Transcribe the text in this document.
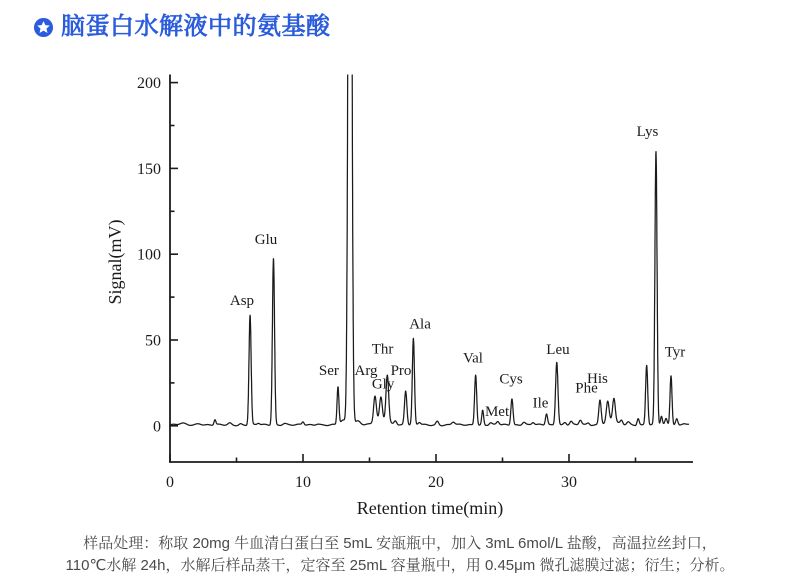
脑蛋白水解液中的氨基酸
0
50
100
150
200
0	10	20	30
Signal(mV)
Retention time(min)
Asp
Glu
Ser Arg
Thr
Gly
Pro
Ala
Val
Met
Cys
Ile
Leu
Phe
His
Lys
Tyr
样品处理：称取 20mg 牛血清白蛋白至 5mL 安瓿瓶中，加入 3mL 6mol/L 盐酸，高温拉丝封口，
110℃水解 24h，水解后样品蒸干，定容至 25mL 容量瓶中，用 0.45μm 微孔滤膜过滤；衍生；分析。
